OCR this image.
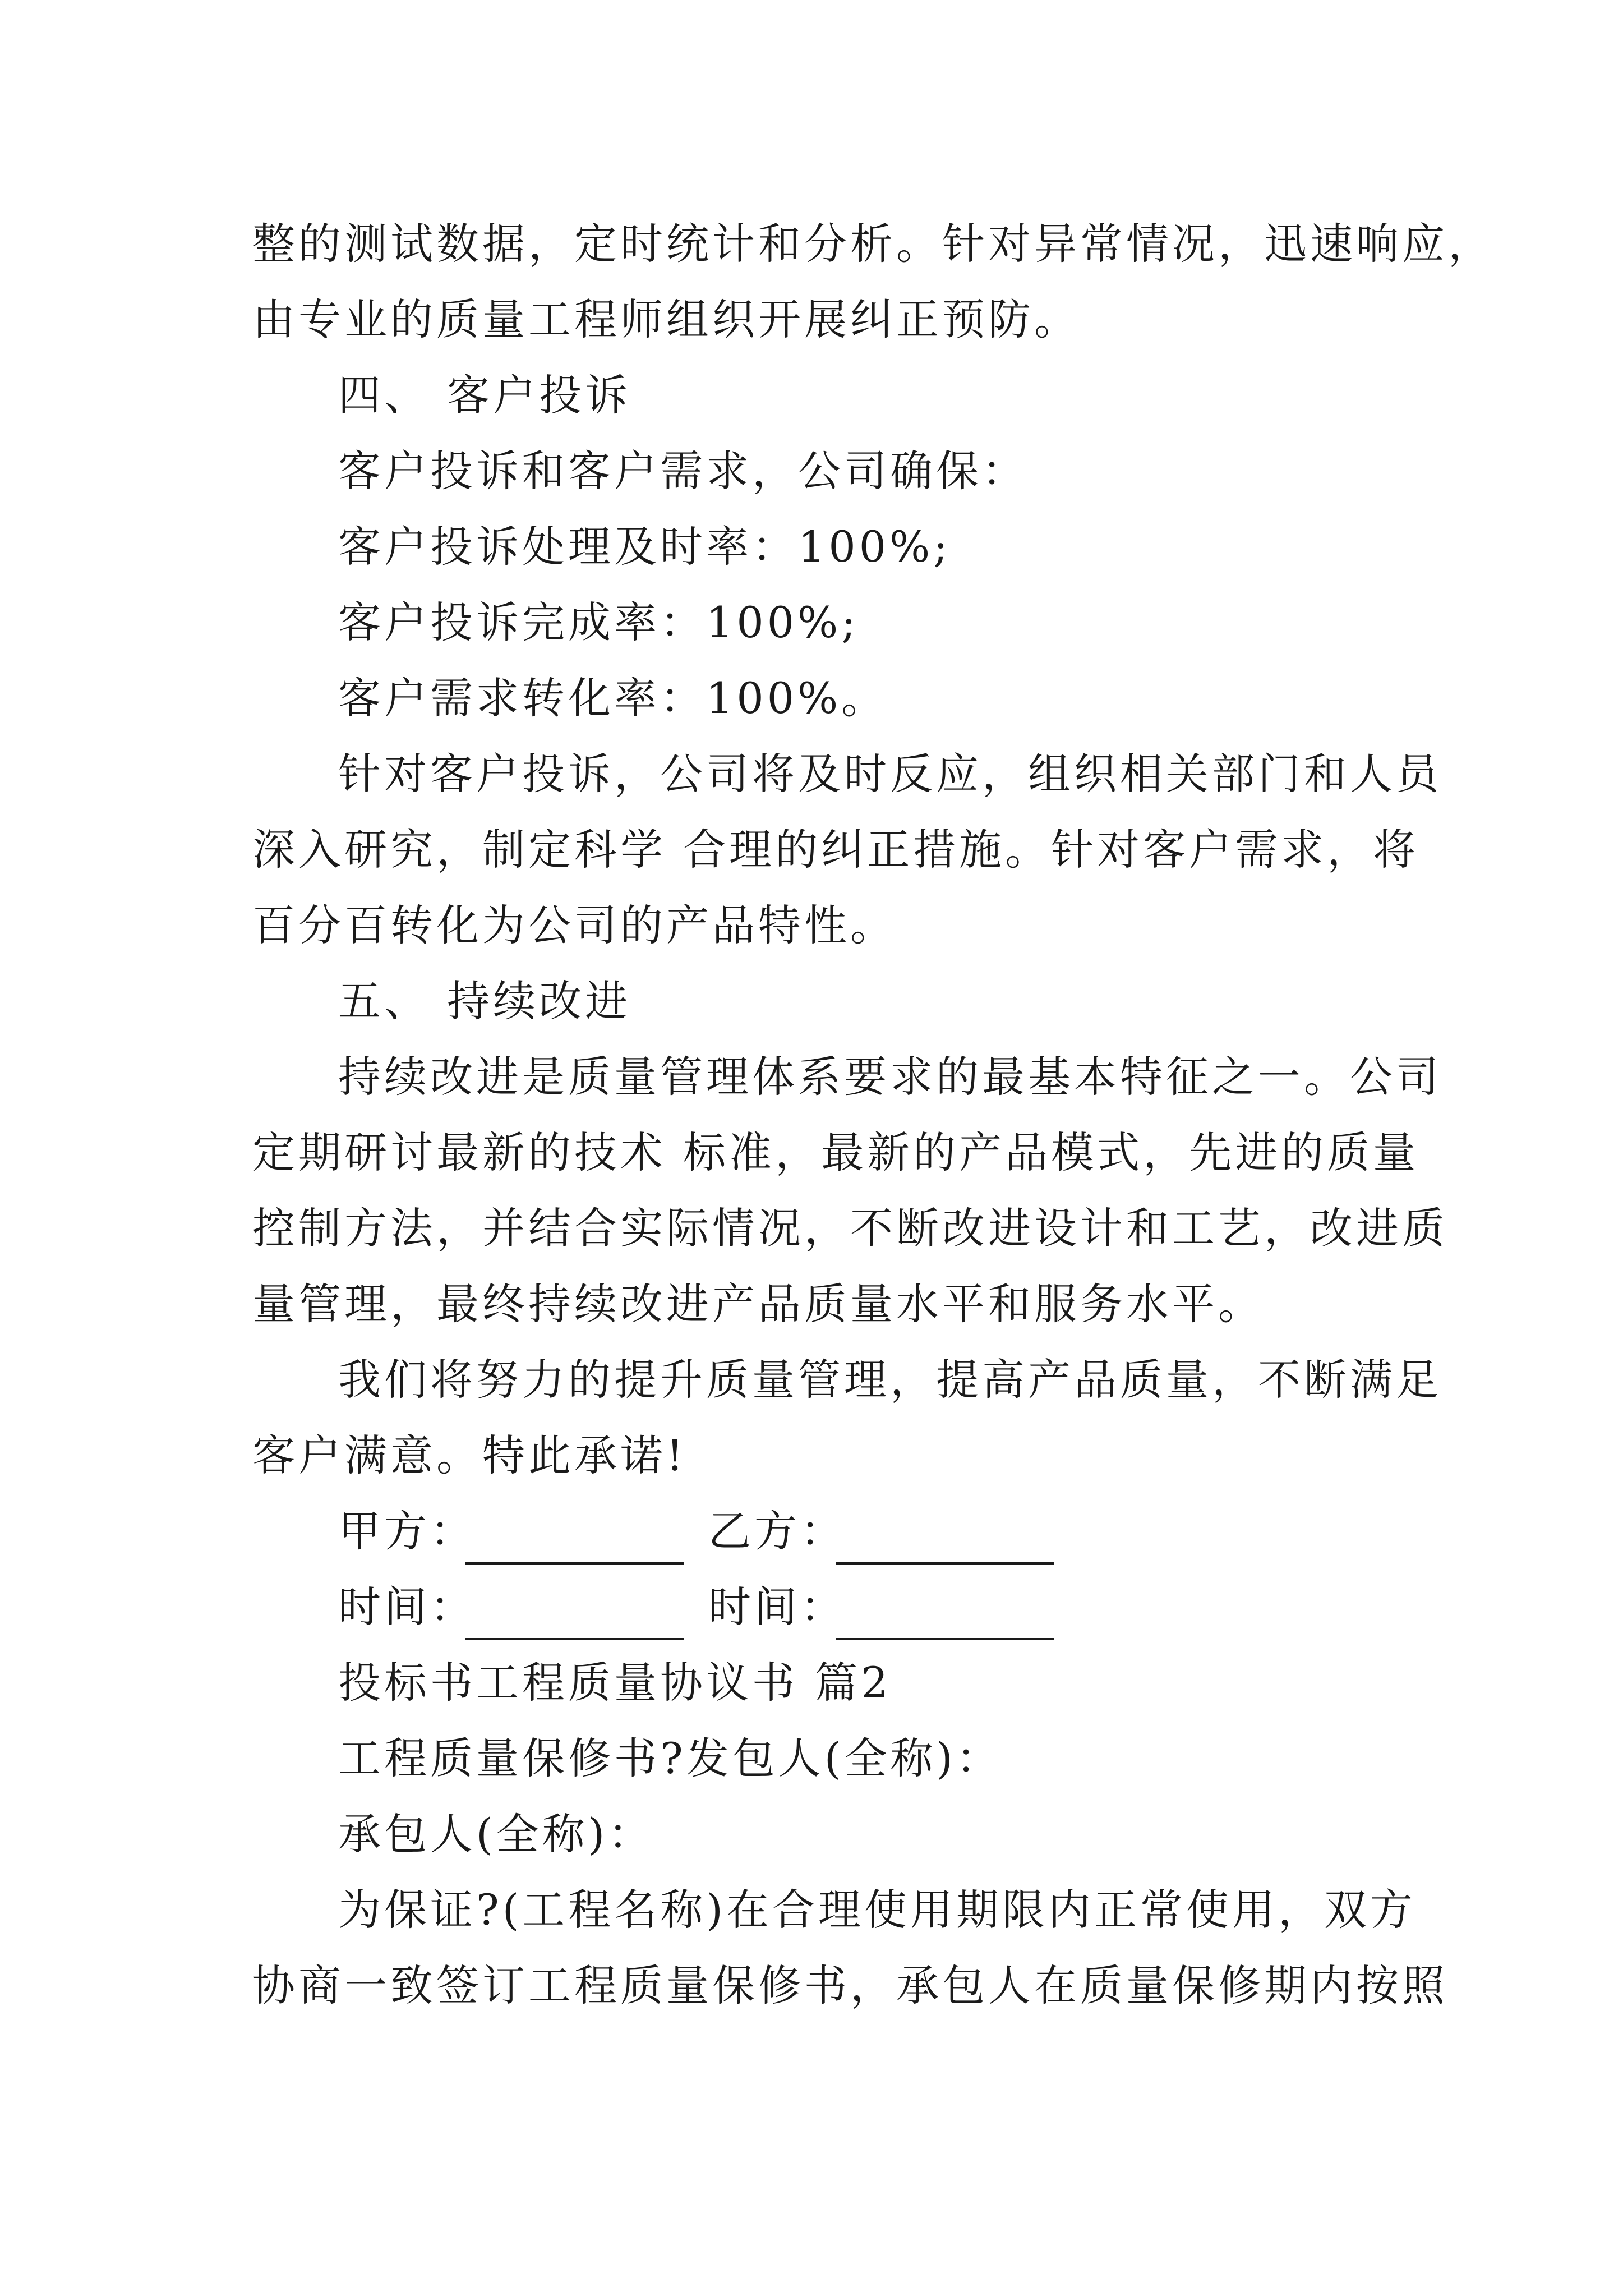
整的测试数据，定时统计和分析。针对异常情况，迅速响应，
由专业的质量工程师组织开展纠正预防。
四、 客户投诉
客户投诉和客户需求，公司确保：
客户投诉处理及时率：100%;
客户投诉完成率：100%;
客户需求转化率：100%。
针对客户投诉，公司将及时反应，组织相关部门和人员
深入研究，制定科学 合理的纠正措施。针对客户需求，将
百分百转化为公司的产品特性。
五、 持续改进
持续改进是质量管理体系要求的最基本特征之一。公司
定期研讨最新的技术 标准，最新的产品模式，先进的质量
控制方法，并结合实际情况，不断改进设计和工艺，改进质
量管理，最终持续改进产品质量水平和服务水平。
我们将努力的提升质量管理，提高产品质量，不断满足
客户满意。特此承诺!
甲方：	乙方：
时间：	时间：
投标书工程质量协议书 篇2
工程质量保修书?发包人(全称)：
承包人(全称)：
为保证?(工程名称)在合理使用期限内正常使用，双方
协商一致签订工程质量保修书，承包人在质量保修期内按照
